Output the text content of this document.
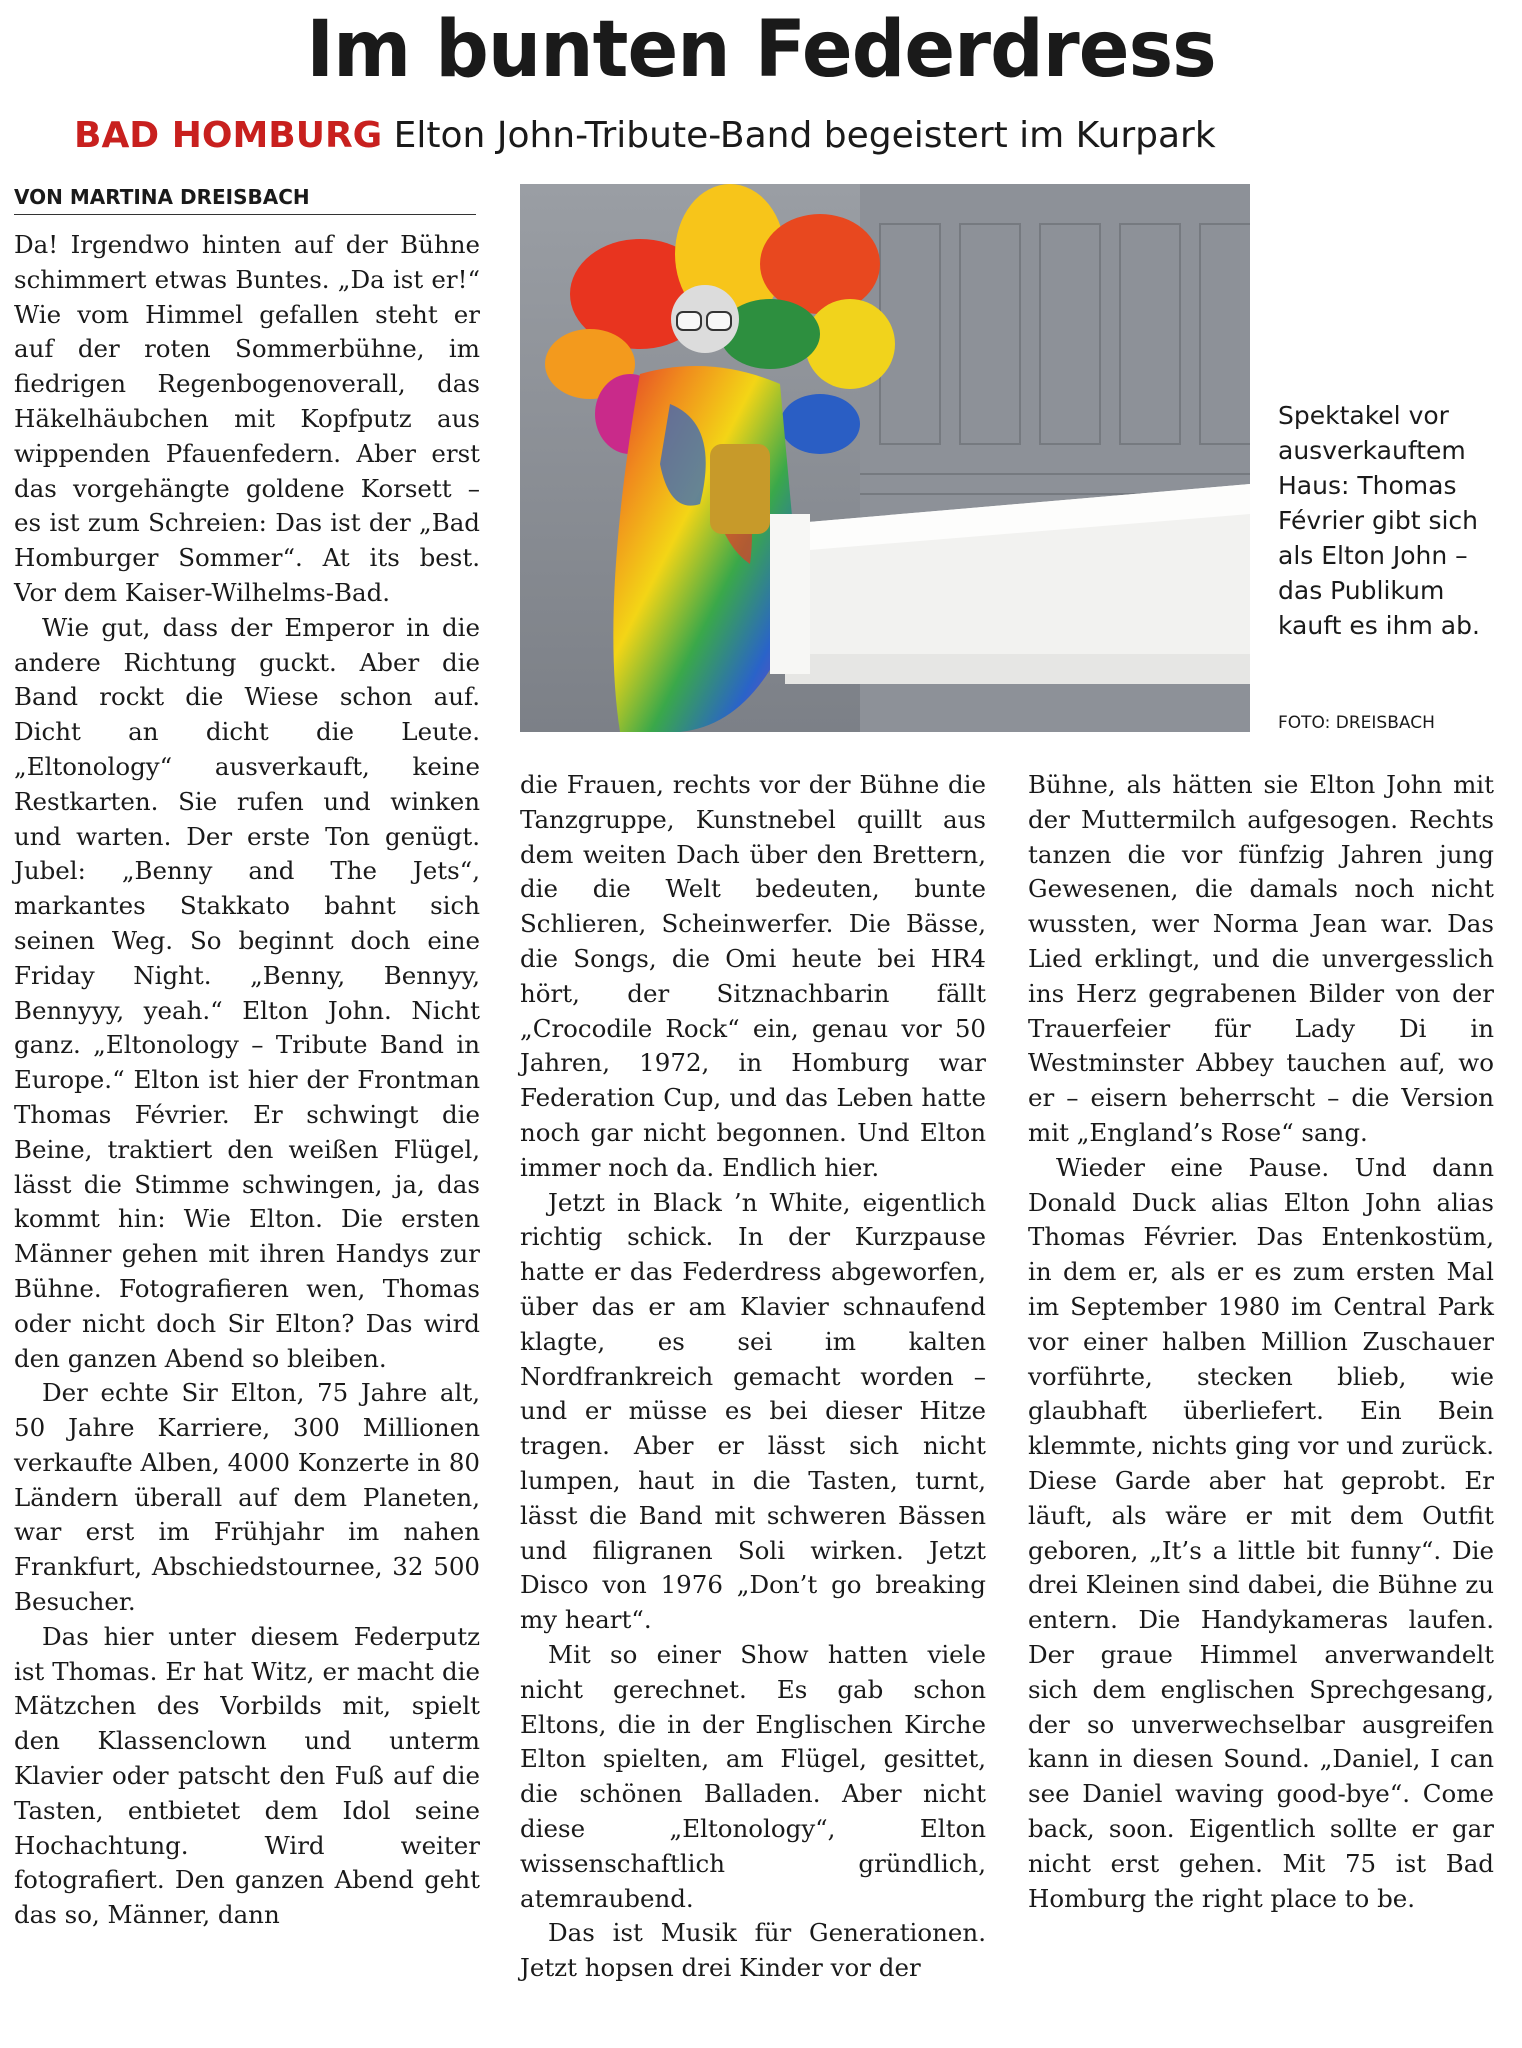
Im bunten Federdress
BAD HOMBURG Elton John-Tribute-Band begeistert im Kurpark
VON MARTINA DREISBACH

Da! Irgendwo hinten auf der Bühne schimmert etwas Buntes. „Da ist er!“ Wie vom Himmel gefallen steht er auf der roten Sommerbühne, im fiedrigen Regenbogenoverall, das Häkelhäubchen mit Kopfputz aus wippenden Pfauenfedern. Aber erst das vorgehängte goldene Korsett – es ist zum Schreien: Das ist der „Bad Homburger Sommer“. At its best. Vor dem Kaiser-Wilhelms-Bad.

Wie gut, dass der Emperor in die andere Richtung guckt. Aber die Band rockt die Wiese schon auf. Dicht an dicht die Leute. „Eltonology“ ausverkauft, keine Restkarten. Sie rufen und winken und warten. Der erste Ton genügt. Jubel: „Benny and The Jets“, markantes Stakkato bahnt sich seinen Weg. So beginnt doch eine Friday Night. „Benny, Bennyy, Bennyyy, yeah.“ Elton John. Nicht ganz. „Eltonology – Tribute Band in Europe.“ Elton ist hier der Frontman Thomas Février. Er schwingt die Beine, traktiert den weißen Flügel, lässt die Stimme schwingen, ja, das kommt hin: Wie Elton. Die ersten Männer gehen mit ihren Handys zur Bühne. Fotografieren wen, Thomas oder nicht doch Sir Elton? Das wird den ganzen Abend so bleiben.

Der echte Sir Elton, 75 Jahre alt, 50 Jahre Karriere, 300 Millionen verkaufte Alben, 4000 Konzerte in 80 Ländern überall auf dem Planeten, war erst im Frühjahr im nahen Frankfurt, Abschiedstournee, 32 500 Besucher.

Das hier unter diesem Federputz ist Thomas. Er hat Witz, er macht die Mätzchen des Vorbilds mit, spielt den Klassenclown und unterm Klavier oder patscht den Fuß auf die Tasten, entbietet dem Idol seine Hochachtung. Wird weiter fotografiert. Den ganzen Abend geht das so, Männer, dann

Spektakel vor ausverkauftem Haus: Thomas Février gibt sich als Elton John – das Publikum kauft es ihm ab.
FOTO: DREISBACH

die Frauen, rechts vor der Bühne die Tanzgruppe, Kunstnebel quillt aus dem weiten Dach über den Brettern, die die Welt bedeuten, bunte Schlieren, Scheinwerfer. Die Bässe, die Songs, die Omi heute bei HR4 hört, der Sitznachbarin fällt „Crocodile Rock“ ein, genau vor 50 Jahren, 1972, in Homburg war Federation Cup, und das Leben hatte noch gar nicht begonnen. Und Elton immer noch da. Endlich hier.

Jetzt in Black ’n White, eigentlich richtig schick. In der Kurzpause hatte er das Federdress abgeworfen, über das er am Klavier schnaufend klagte, es sei im kalten Nordfrankreich gemacht worden – und er müsse es bei dieser Hitze tragen. Aber er lässt sich nicht lumpen, haut in die Tasten, turnt, lässt die Band mit schweren Bässen und filigranen Soli wirken. Jetzt Disco von 1976 „Don’t go breaking my heart“.

Mit so einer Show hatten viele nicht gerechnet. Es gab schon Eltons, die in der Englischen Kirche Elton spielten, am Flügel, gesittet, die schönen Balladen. Aber nicht diese „Eltonology“, Elton wissenschaftlich gründlich, atemraubend.

Das ist Musik für Generationen. Jetzt hopsen drei Kinder vor der

Bühne, als hätten sie Elton John mit der Muttermilch aufgesogen. Rechts tanzen die vor fünfzig Jahren jung Gewesenen, die damals noch nicht wussten, wer Norma Jean war. Das Lied erklingt, und die unvergesslich ins Herz gegrabenen Bilder von der Trauerfeier für Lady Di in Westminster Abbey tauchen auf, wo er – eisern beherrscht – die Version mit „England’s Rose“ sang.

Wieder eine Pause. Und dann Donald Duck alias Elton John alias Thomas Février. Das Entenkostüm, in dem er, als er es zum ersten Mal im September 1980 im Central Park vor einer halben Million Zuschauer vorführte, stecken blieb, wie glaubhaft überliefert. Ein Bein klemmte, nichts ging vor und zurück. Diese Garde aber hat geprobt. Er läuft, als wäre er mit dem Outfit geboren, „It’s a little bit funny“. Die drei Kleinen sind dabei, die Bühne zu entern. Die Handykameras laufen. Der graue Himmel anverwandelt sich dem englischen Sprechgesang, der so unverwechselbar ausgreifen kann in diesen Sound. „Daniel, I can see Daniel waving good-bye“. Come back, soon. Eigentlich sollte er gar nicht erst gehen. Mit 75 ist Bad Homburg the right place to be.
